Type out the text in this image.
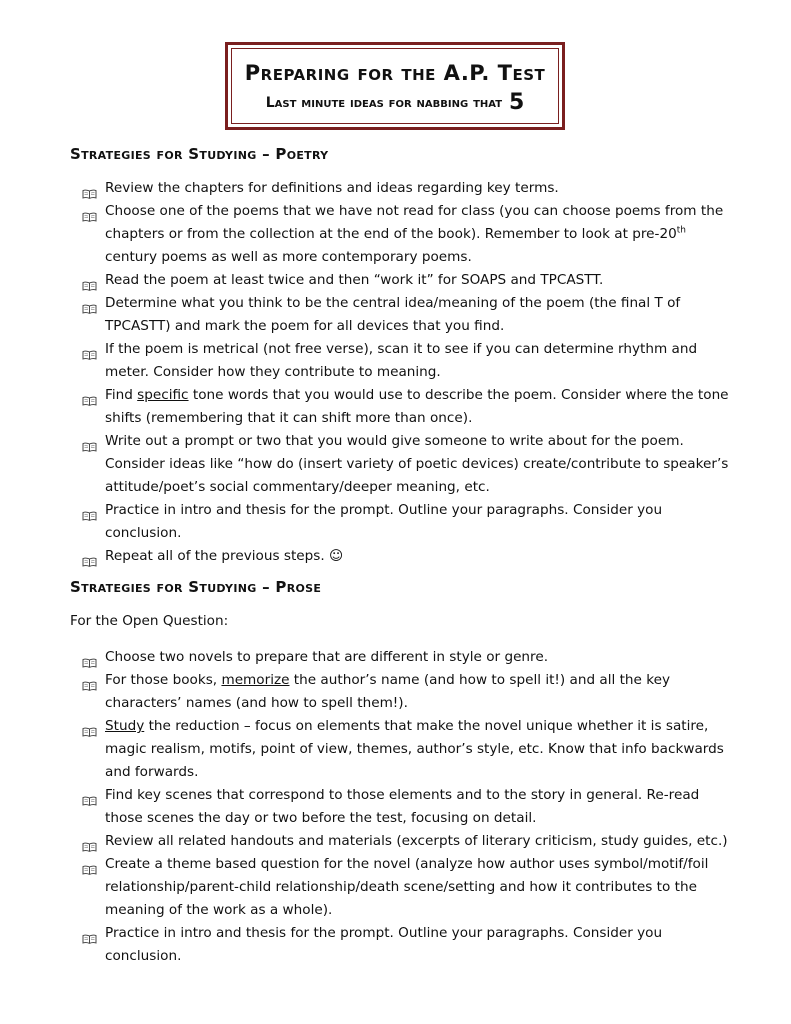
Preparing for the A.P. Test
Last minute ideas for nabbing that 5
Strategies for Studying – Poetry
Review the chapters for definitions and ideas regarding key terms.
Choose one of the poems that we have not read for class (you can choose poems from the chapters or from the collection at the end of the book). Remember to look at pre-20th century poems as well as more contemporary poems.
Read the poem at least twice and then “work it” for SOAPS and TPCASTT.
Determine what you think to be the central idea/meaning of the poem (the final T of TPCASTT) and mark the poem for all devices that you find.
If the poem is metrical (not free verse), scan it to see if you can determine rhythm and meter. Consider how they contribute to meaning.
Find specific tone words that you would use to describe the poem. Consider where the tone shifts (remembering that it can shift more than once).
Write out a prompt or two that you would give someone to write about for the poem. Consider ideas like “how do (insert variety of poetic devices) create/contribute to speaker’s attitude/poet’s social commentary/deeper meaning, etc.
Practice in intro and thesis for the prompt. Outline your paragraphs. Consider you conclusion.
Repeat all of the previous steps. ☺
Strategies for Studying – Prose

For the Open Question:

Choose two novels to prepare that are different in style or genre.
For those books, memorize the author’s name (and how to spell it!) and all the key characters’ names (and how to spell them!).
Study the reduction – focus on elements that make the novel unique whether it is satire, magic realism, motifs, point of view, themes, author’s style, etc. Know that info backwards and forwards.
Find key scenes that correspond to those elements and to the story in general. Re-read those scenes the day or two before the test, focusing on detail.
Review all related handouts and materials (excerpts of literary criticism, study guides, etc.)
Create a theme based question for the novel (analyze how author uses symbol/motif/foil relationship/parent-child relationship/death scene/setting and how it contributes to the meaning of the work as a whole).
Practice in intro and thesis for the prompt. Outline your paragraphs. Consider you conclusion.
